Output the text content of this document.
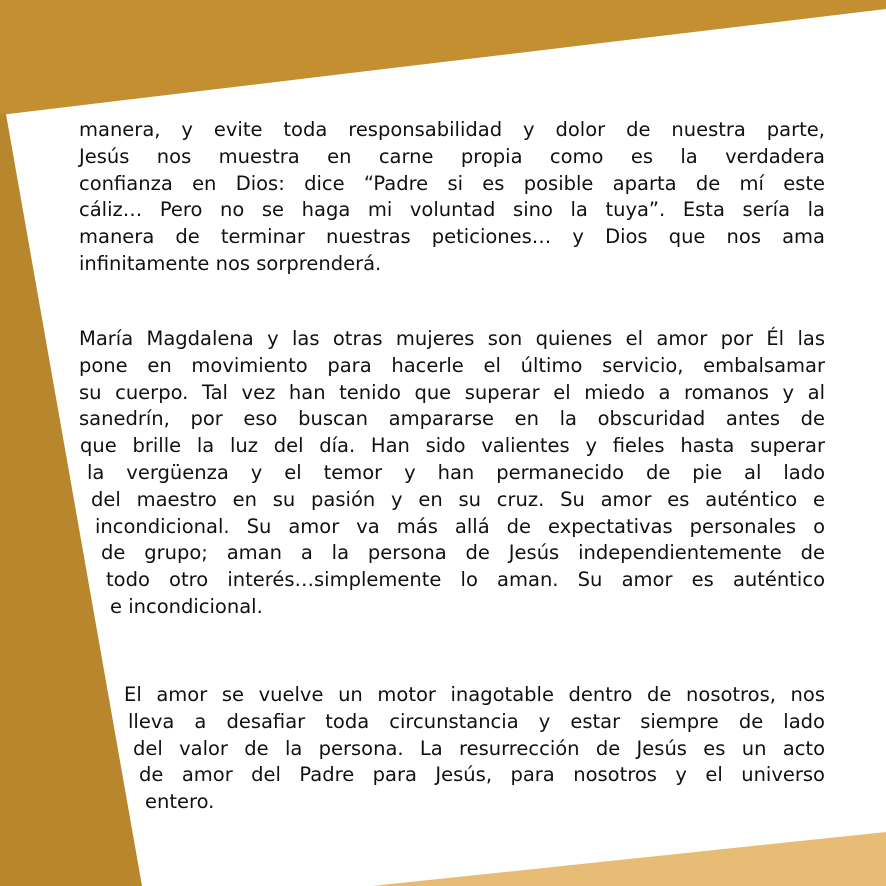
manera, y evite toda responsabilidad y dolor de nuestra parte,
Jesús nos muestra en carne propia como es la verdadera
confianza en Dios: dice “Padre si es posible aparta de mí este
cáliz… Pero no se haga mi voluntad sino la tuya”. Esta sería la
manera de terminar nuestras peticiones… y Dios que nos ama
infinitamente nos sorprenderá.
María Magdalena y las otras mujeres son quienes el amor por Él las
pone en movimiento para hacerle el último servicio, embalsamar
su cuerpo. Tal vez han tenido que superar el miedo a romanos y al
sanedrín, por eso buscan ampararse en la obscuridad antes de
que brille la luz del día. Han sido valientes y fieles hasta superar
la vergüenza y el temor y han permanecido de pie al lado
del maestro en su pasión y en su cruz. Su amor es auténtico e
incondicional. Su amor va más allá de expectativas personales o
de grupo; aman a la persona de Jesús independientemente de
todo otro interés…simplemente lo aman. Su amor es auténtico
e incondicional.
El amor se vuelve un motor inagotable dentro de nosotros, nos
lleva a desafiar toda circunstancia y estar siempre de lado
del valor de la persona. La resurrección de Jesús es un acto
de amor del Padre para Jesús, para nosotros y el universo
entero.
